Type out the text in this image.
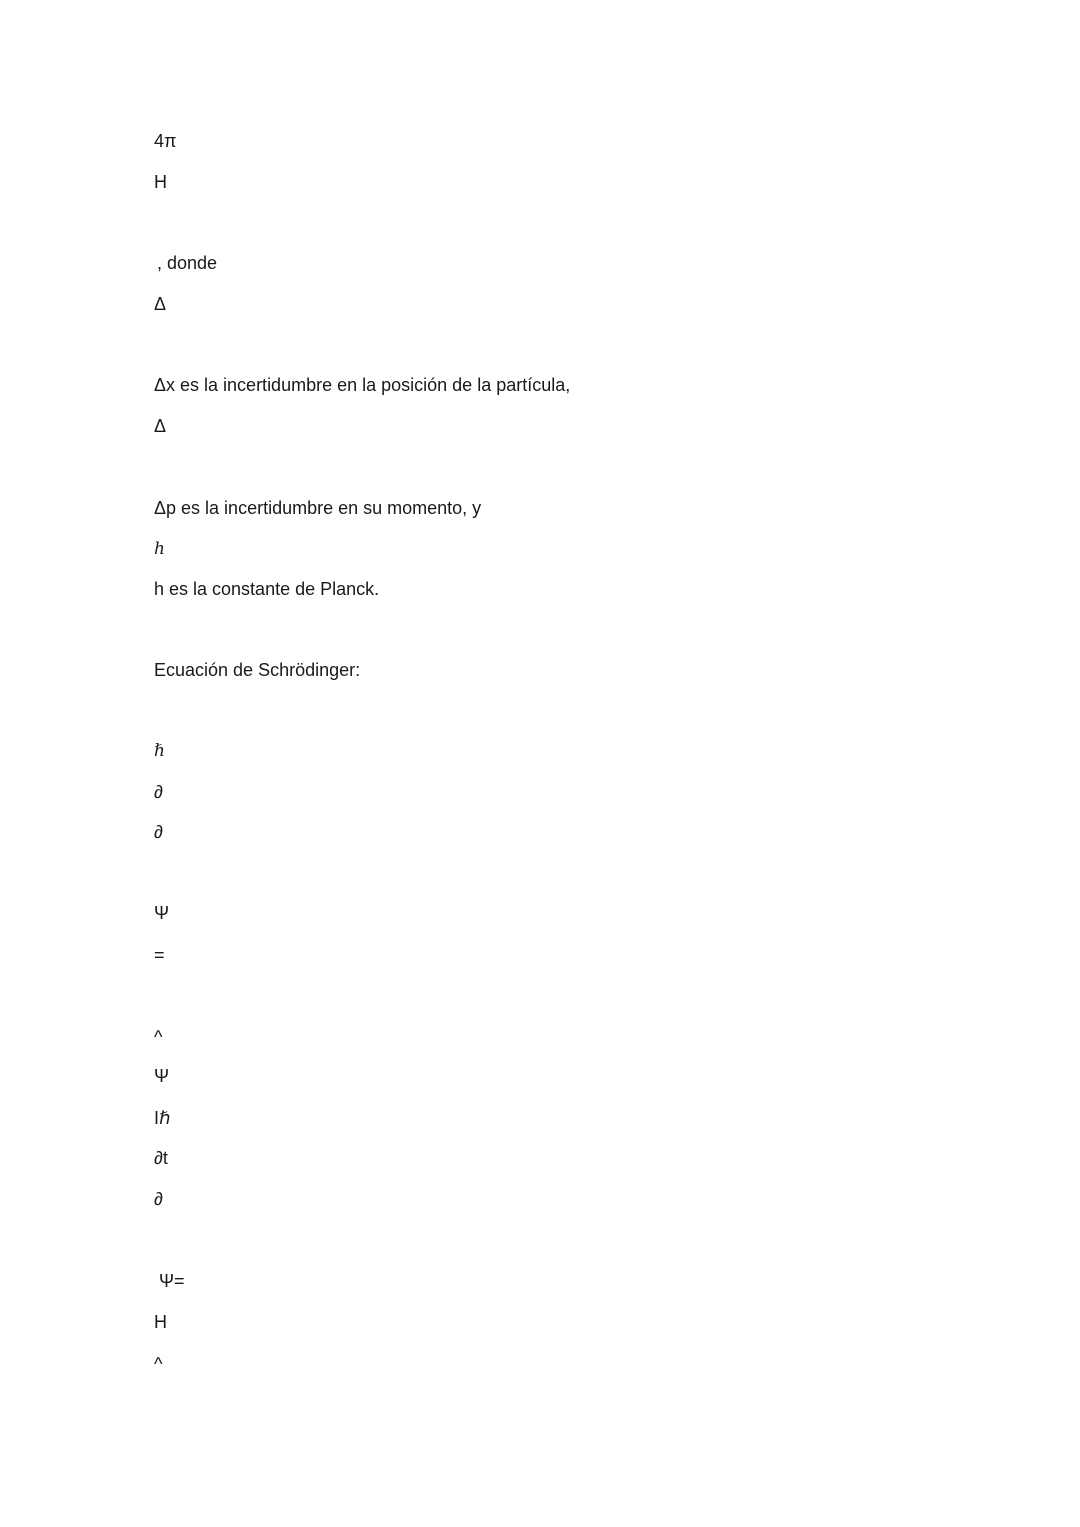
4π
H
, donde
Δ
Δx es la incertidumbre en la posición de la partícula,
Δ
Δp es la incertidumbre en su momento, y
h
h es la constante de Planck.
Ecuación de Schrödinger:
ℏ
∂
∂
Ψ
=
^
Ψ
Iℏ
∂t
∂
Ψ=
H
^
